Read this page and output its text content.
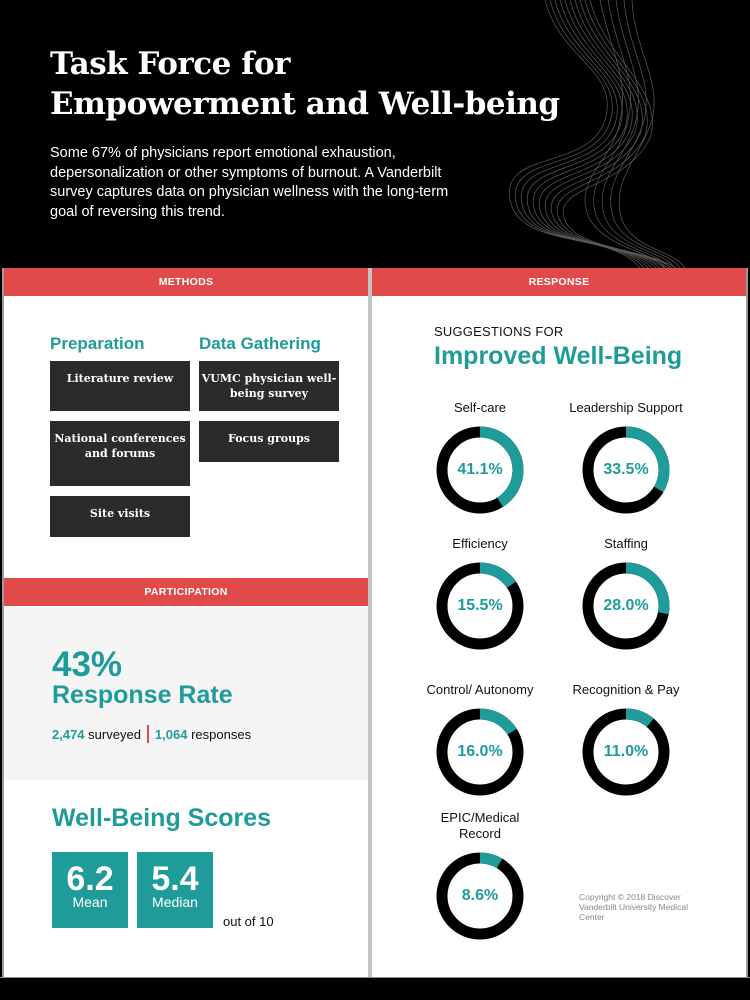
Task Force for
Empowerment and Well-being

Some 67% of physicians report emotional exhaustion, depersonalization or other symptoms of burnout. A Vanderbilt survey captures data on physician wellness with the long-term goal of reversing this trend.

METHODS
Preparation	Data Gathering
Literature review
National conferences and forums
Site visits
VUMC physician well-being survey
Focus groups
PARTICIPATION
43%
Response Rate
2,474
surveyed 1,064
responses
Well-Being Scores
6.2
Mean
5.4
Median
out of 10
RESPONSE
SUGGESTIONS FOR
Improved Well-Being
Self-care
41.1%
Leadership Support
33.5%
Efficiency
15.5%
Staffing
28.0%
Control/ Autonomy
16.0%
Recognition & Pay
11.0%
EPIC/Medical Record
8.6%	Copyright © 2018 Discover Vanderbilt University Medical Center
